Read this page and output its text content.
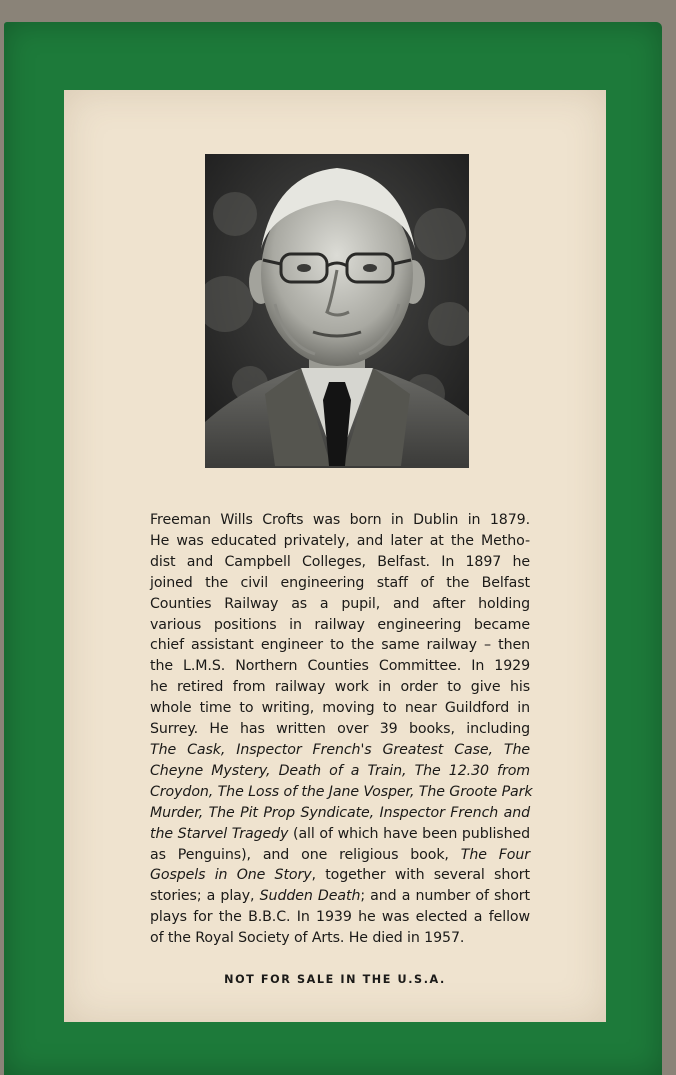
Freeman Wills Crofts was born in Dublin in 1879.
He was educated privately, and later at the Metho-
dist and Campbell Colleges, Belfast. In 1897 he
joined the civil engineering staff of the Belfast
Counties Railway as a pupil, and after holding
various positions in railway engineering became
chief assistant engineer to the same railway – then
the L.M.S. Northern Counties Committee. In 1929
he retired from railway work in order to give his
whole time to writing, moving to near Guildford in
Surrey. He has written over 39 books, including
The Cask, Inspector French's Greatest Case, The
Cheyne Mystery, Death of a Train, The 12.30 from
Croydon, The Loss of the Jane Vosper, The Groote Park
Murder, The Pit Prop Syndicate, Inspector French and
the Starvel Tragedy (all of which have been published
as Penguins), and one religious book, The Four
Gospels in One Story, together with several short
stories; a play, Sudden Death; and a number of short
plays for the B.B.C. In 1939 he was elected a fellow
of the Royal Society of Arts. He died in 1957.
NOT FOR SALE IN THE U.S.A.
